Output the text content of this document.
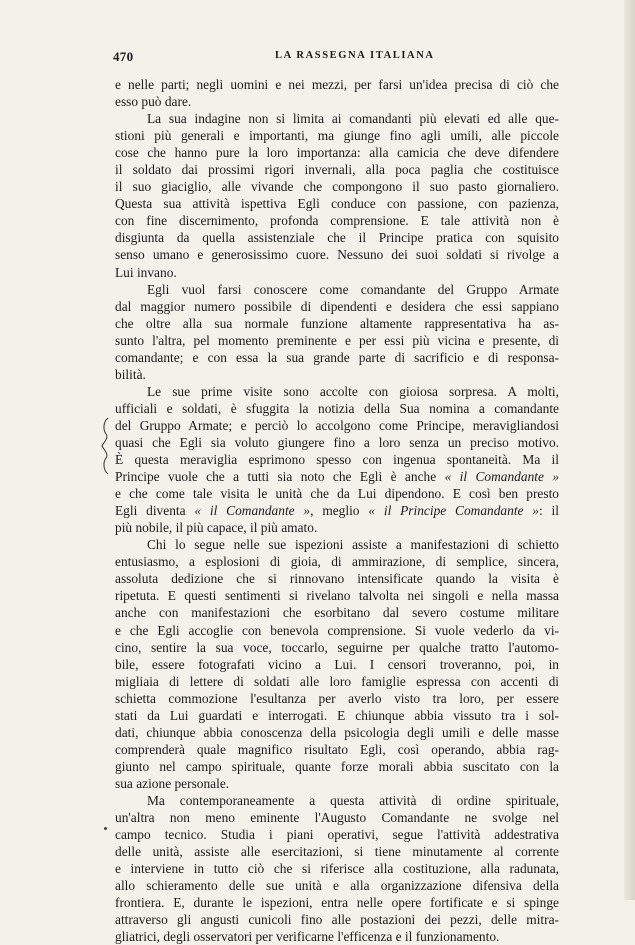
470	LA RASSEGNA ITALIANA
e nelle parti; negli uomini e nei mezzi, per farsi un'idea precisa di ciò che
esso può dare.
La sua indagine non si limita ai comandanti più elevati ed alle que-
stioni più generali e importanti, ma giunge fino agli umili, alle piccole
cose che hanno pure la loro importanza: alla camicia che deve difendere
il soldato dai prossimi rigori invernali, alla poca paglia che costituisce
il suo giaciglio, alle vivande che compongono il suo pasto giornaliero.
Questa sua attività ispettiva Egli conduce con passione, con pazienza,
con fine discernimento, profonda comprensione. E tale attività non è
disgiunta da quella assistenziale che il Principe pratica con squisito
senso umano e generosissimo cuore. Nessuno dei suoi soldati si rivolge a
Lui invano.
Egli vuol farsi conoscere come comandante del Gruppo Armate
dal maggior numero possibile di dipendenti e desidera che essi sappiano
che oltre alla sua normale funzione altamente rappresentativa ha as-
sunto l'altra, pel momento preminente e per essi più vicina e presente, di
comandante; e con essa la sua grande parte di sacrificio e di responsa-
bilità.
Le sue prime visite sono accolte con gioiosa sorpresa. A molti,
ufficiali e soldati, è sfuggita la notizia della Sua nomina a comandante
del Gruppo Armate; e perciò lo accolgono come Principe, meravigliandosi
quasi che Egli sia voluto giungere fino a loro senza un preciso motivo.
È questa meraviglia esprimono spesso con ingenua spontaneità. Ma il
Principe vuole che a tutti sia noto che Egli è anche « il Comandante »
e che come tale visita le unità che da Lui dipendono. E così ben presto
Egli diventa « il Comandante », meglio « il Principe Comandante »: il
più nobile, il più capace, il più amato.
Chi lo segue nelle sue ispezioni assiste a manifestazioni di schietto
entusiasmo, a esplosioni di gioia, di ammirazione, di semplice, sincera,
assoluta dedizione che si rinnovano intensificate quando la visita è
ripetuta. E questi sentimenti si rivelano talvolta nei singoli e nella massa
anche con manifestazioni che esorbitano dal severo costume militare
e che Egli accoglie con benevola comprensione. Si vuole vederlo da vi-
cino, sentire la sua voce, toccarlo, seguirne per qualche tratto l'automo-
bile, essere fotografati vicino a Lui. I censori troveranno, poi, in
migliaia di lettere di soldati alle loro famiglie espressa con accenti di
schietta commozione l'esultanza per averlo visto tra loro, per essere
stati da Lui guardati e interrogati. E chiunque abbia vissuto tra i sol-
dati, chiunque abbia conoscenza della psicologia degli umili e delle masse
comprenderà quale magnifico risultato Egli, così operando, abbia rag-
giunto nel campo spirituale, quante forze morali abbia suscitato con la
sua azione personale.
Ma contemporaneamente a questa attività di ordine spirituale,
un'altra non meno eminente l'Augusto Comandante ne svolge nel
campo tecnico. Studia i piani operativi, segue l'attività addestrativa
delle unità, assiste alle esercitazioni, si tiene minutamente al corrente
e interviene in tutto ciò che si riferisce alla costituzione, alla radunata,
allo schieramento delle sue unità e alla organizzazione difensiva della
frontiera. E, durante le ispezioni, entra nelle opere fortificate e si spinge
attraverso gli angusti cunicoli fino alle postazioni dei pezzi, delle mitra-
gliatrici, degli osservatori per verificarne l'efficenza e il funzionamento.
